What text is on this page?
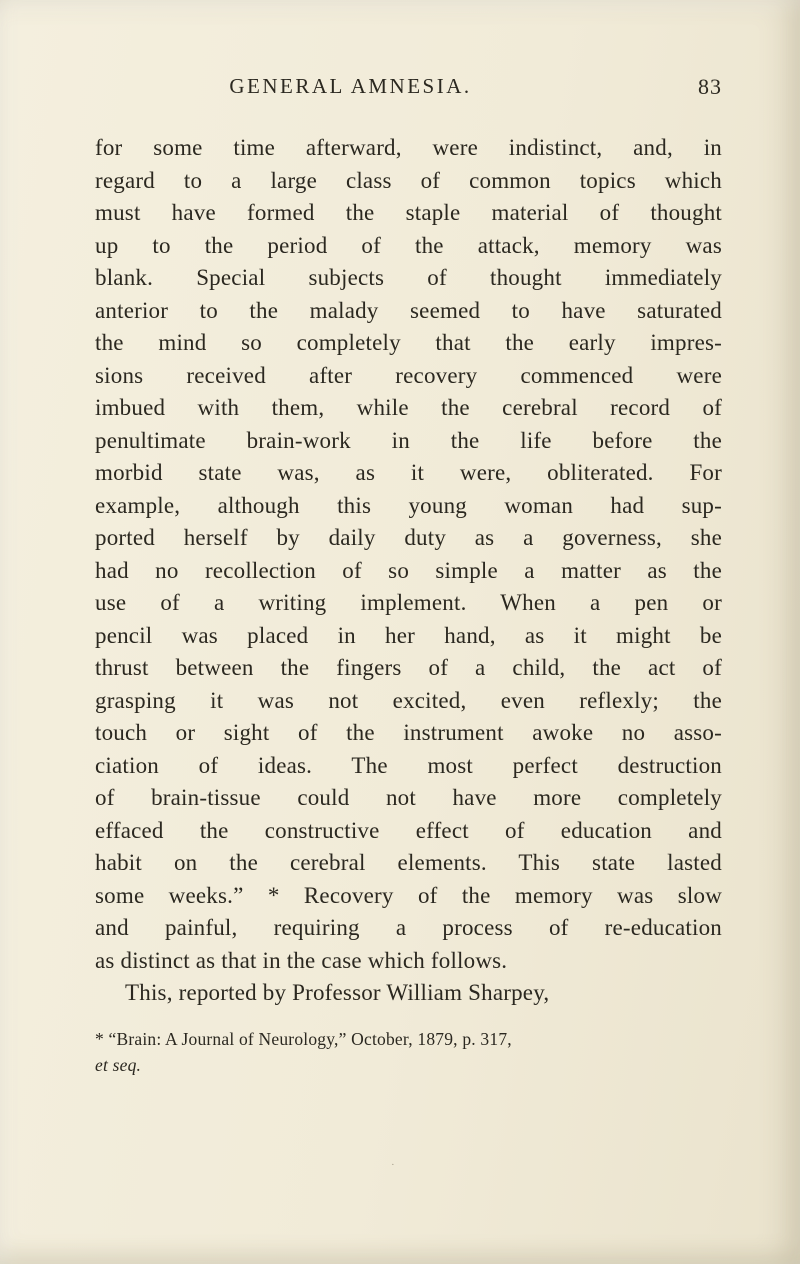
GENERAL AMNESIA.	83
for some time afterward, were indistinct, and, in
regard to a large class of common topics which
must have formed the staple material of thought
up to the period of the attack, memory was
blank. Special subjects of thought immediately
anterior to the malady seemed to have saturated
the mind so completely that the early impres-
sions received after recovery commenced were
imbued with them, while the cerebral record of
penultimate brain-work in the life before the
morbid state was, as it were, obliterated. For
example, although this young woman had sup-
ported herself by daily duty as a governess, she
had no recollection of so simple a matter as the
use of a writing implement. When a pen or
pencil was placed in her hand, as it might be
thrust between the fingers of a child, the act of
grasping it was not excited, even reflexly; the
touch or sight of the instrument awoke no asso-
ciation of ideas. The most perfect destruction
of brain-tissue could not have more completely
effaced the constructive effect of education and
habit on the cerebral elements. This state lasted
some weeks.” * Recovery of the memory was slow
and painful, requiring a process of re-education
as distinct as that in the case which follows.
This, reported by Professor William Sharpey,
* “Brain: A Journal of Neurology,” October, 1879, p. 317,
et seq.
·
